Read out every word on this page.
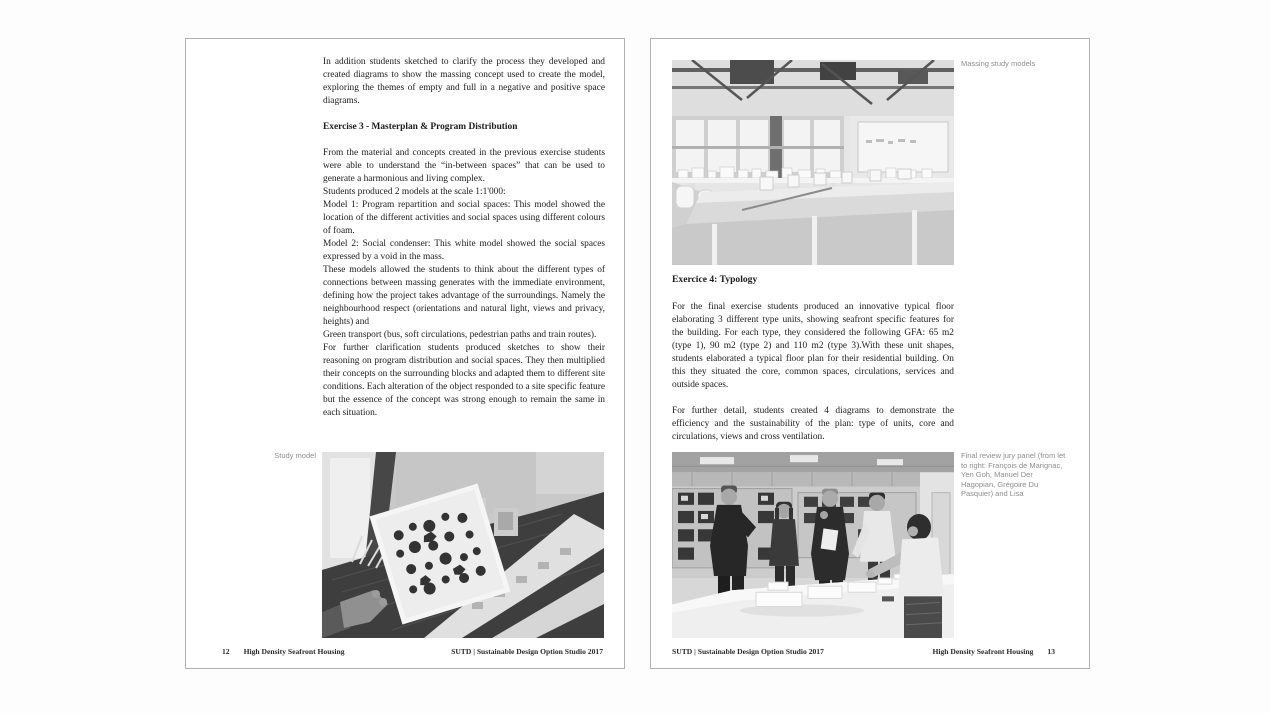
In addition students sketched to clarify the process they developed and created diagrams to show the massing concept used to create the model, exploring the themes of empty and full in a negative and positive space diagrams.
Exercise 3 - Masterplan & Program Distribution
From the material and concepts created in the previous exercise students were able to understand the “in-between spaces” that can be used to generate a harmonious and living complex.
Students produced 2 models at the scale 1:1'000:
Model 1: Program repartition and social spaces: This model showed the location of the different activities and social spaces using different colours of foam.
Model 2: Social condenser: This white model showed the social spaces expressed by a void in the mass.
These models allowed the students to think about the different types of connections between massing generates with the immediate environment, defining how the project takes advantage of the surroundings. Namely the neighbourhood respect (orientations and natural light, views and privacy, heights) and
Green transport (bus, soft circulations, pedestrian paths and train routes).
For further clarification students produced sketches to show their reasoning on program distribution and social spaces. They then multiplied their concepts on the surrounding blocks and adapted them to different site conditions. Each alteration of the object responded to a site specific feature but the essence of the concept was strong enough to remain the same in each situation.
Study model
12 High Density Seafront Housing	SUTD | Sustainable Design Option Studio 2017
Massing study models
Exercice 4: Typology
For the final exercise students produced an innovative typical floor elaborating 3 different type units, showing seafront specific features for the building. For each type, they considered the following GFA: 65 m2 (type 1), 90 m2 (type 2) and 110 m2 (type 3).With these unit shapes, students elaborated a typical floor plan for their residential building. On this they situated the core, common spaces, circulations, services and outside spaces.
For further detail, students created 4 diagrams to demonstrate the efficiency and the sustainability of the plan: type of units, core and circulations, views and cross ventilation.
Final review jury panel (from let to right: François de Marignac, Yen Goh, Manuel Der Hagopian, Grégoire Du Pasquier) and Lisa
SUTD | Sustainable Design Option Studio 2017	High Density Seafront Housing 13
